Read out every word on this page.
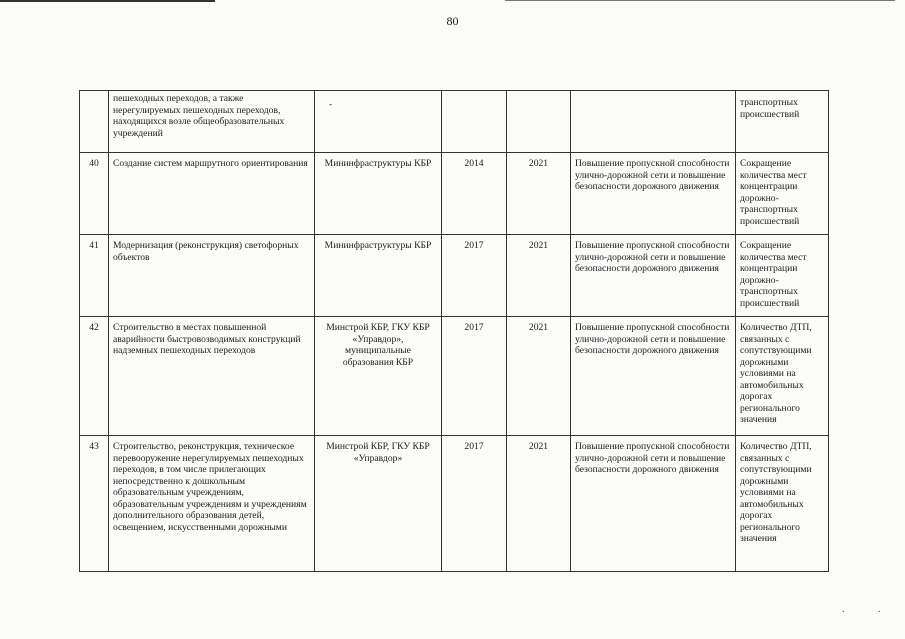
80
	пешеходных переходов, а также нерегулируемых пешеходных переходов, находящихся возле общеобразовательных учреждений	-				транспортных происшествий
40	Создание систем маршрутного ориентирования	Мининфраструктуры КБР	2014	2021	Повышение пропускной способности улично-дорожной сети и повышение безопасности дорожного движения	Сокращение количества мест концентрации дорожно-транспортных происшествий
41	Модернизация (реконструкция) светофорных объектов	Мининфраструктуры КБР	2017	2021	Повышение пропускной способности улично-дорожной сети и повышение безопасности дорожного движения	Сокращение количества мест концентрации дорожно-транспортных происшествий
42	Строительство в местах повышенной аварийности быстровозводимых конструкций надземных пешеходных переходов	Минстрой КБР, ГКУ КБР «Управдор», муниципальные образования КБР	2017	2021	Повышение пропускной способности улично-дорожной сети и повышение безопасности дорожного движения	Количество ДТП, связанных с сопутствующими дорожными условиями на автомобильных дорогах регионального значения
43	Строительство, реконструкция, техническое перевооружение нерегулируемых пешеходных переходов, в том числе прилегающих непосредственно к дошкольным образовательным учреждениям, образовательным учреждениям и учреждениям дополнительного образования детей, освещением, искусственными дорожными	Минстрой КБР, ГКУ КБР «Управдор»	2017	2021	Повышение пропускной способности улично-дорожной сети и повышение безопасности дорожного движения	Количество ДТП, связанных с сопутствующими дорожными условиями на автомобильных дорогах регионального значения
.	.
